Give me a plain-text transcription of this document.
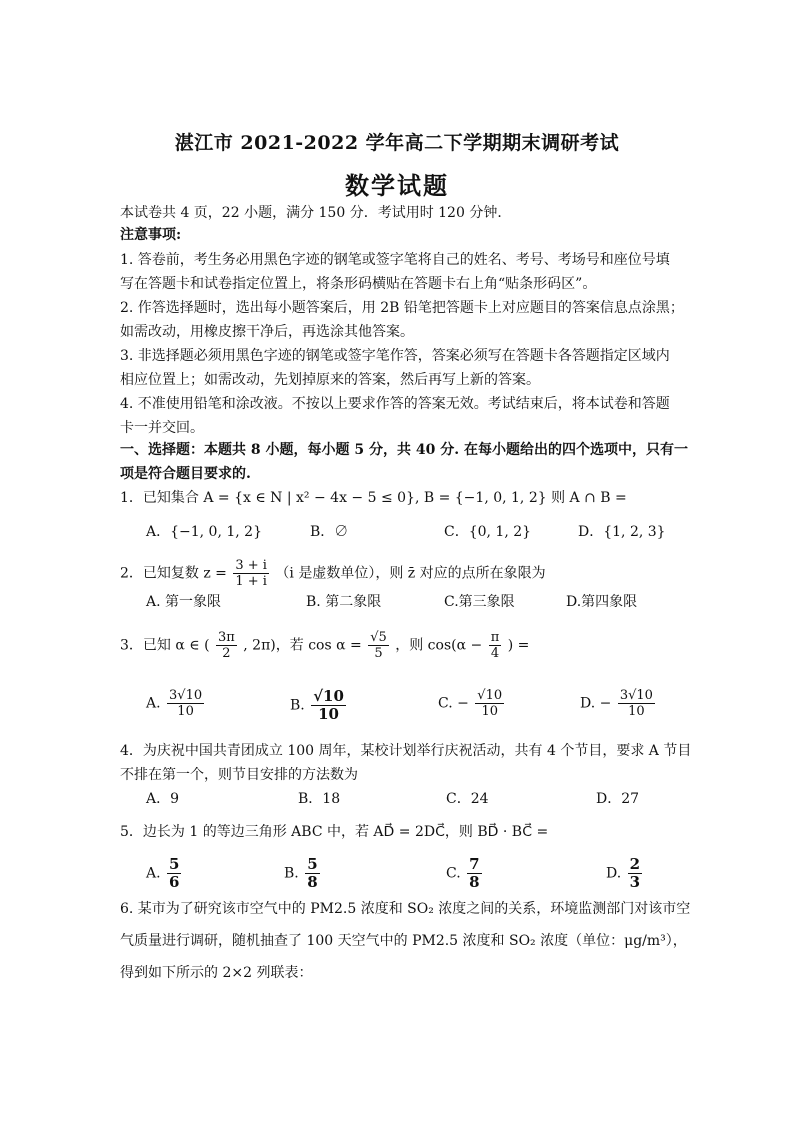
湛江市 2021-2022 学年高二下学期期末调研考试
数学试题
本试卷共 4 页，22 小题，满分 150 分．考试用时 120 分钟．
注意事项:
1. 答卷前，考生务必用黑色字迹的钢笔或签字笔将自己的姓名、考号、考场号和座位号填
写在答题卡和试卷指定位置上，将条形码横贴在答题卡右上角“贴条形码区”。
2. 作答选择题时，选出每小题答案后，用 2B 铅笔把答题卡上对应题目的答案信息点涂黑；
如需改动，用橡皮擦干净后，再选涂其他答案。
3. 非选择题必须用黑色字迹的钢笔或签字笔作答，答案必须写在答题卡各答题指定区域内
相应位置上；如需改动，先划掉原来的答案，然后再写上新的答案。
4. 不准使用铅笔和涂改液。不按以上要求作答的答案无效。考试结束后，将本试卷和答题
卡一并交回。
一、选择题：本题共 8 小题，每小题 5 分，共 40 分. 在每小题给出的四个选项中，只有一
项是符合题目要求的.
1．已知集合 A = {x ∈ N | x² − 4x − 5 ≤ 0}, B = {−1, 0, 1, 2} 则 A ∩ B =
A．{−1, 0, 1, 2}	B．∅	C．{0, 1, 2}	D．{1, 2, 3}
2．已知复数 $z = \frac{3 + i}{1 + i} (i$ 是虚数单位），则 z̄ 对应的点所在象限为
A. 第一象限	B. 第二象限	C.第三象限	D.第四象限
3．已知 α ∈ ( $\frac{3\pi}{2}$ , 2π)，若 $\cos \alpha = \frac{√5}{5}$ ，则 $\cos(\alpha - \frac{\pi}{4}$ ) =
A. $\frac{3√10}{10}$	B. $\frac{√10}{10}$	C. − $\frac{√10}{10}$	D. − $\frac{3√10}{10}$
4．为庆祝中国共青团成立 100 周年，某校计划举行庆祝活动，共有 4 个节目，要求 A 节目
不排在第一个，则节目安排的方法数为
A．9	B．18	C．24	D．27
5．边长为 1 的等边三角形 ABC 中，若 AD⃗ = 2DC⃗，则 BD⃗ · BC⃗ =
A. $\frac{5}{6}$	B. $\frac{5}{8}$	C. $\frac{7}{8}$	D. $\frac{2}{3}$
6. 某市为了研究该市空气中的 PM2.5 浓度和 SO₂ 浓度之间的关系，环境监测部门对该市空
气质量进行调研，随机抽查了 100 天空气中的 PM2.5 浓度和 SO₂ 浓度（单位：μg/m³），
得到如下所示的 2×2 列联表：
